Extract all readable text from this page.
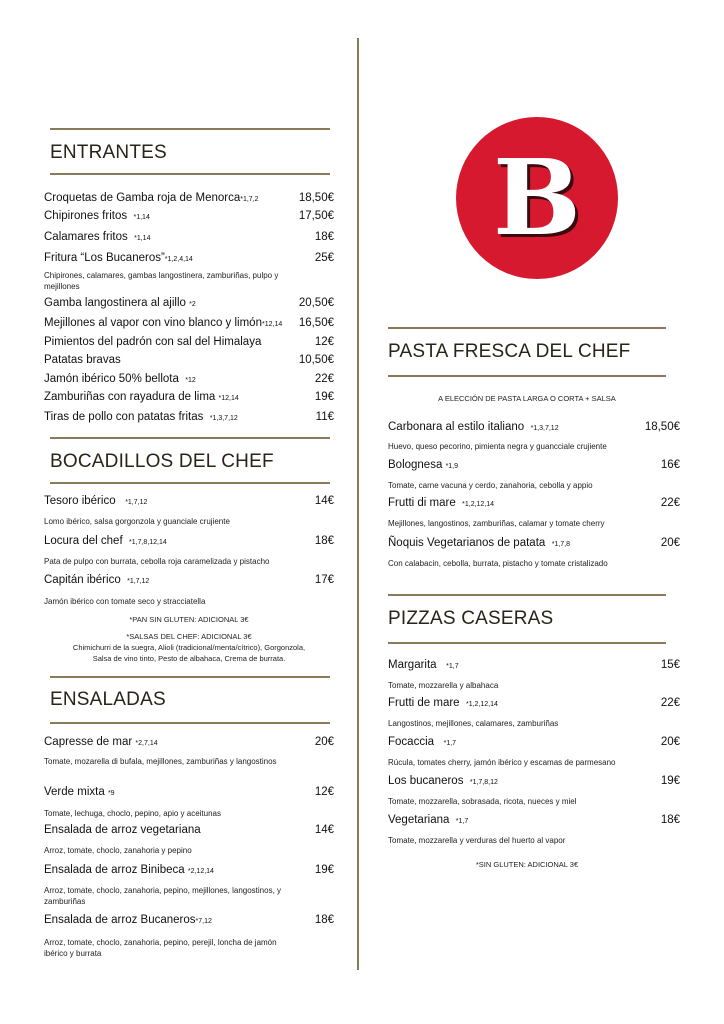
ENTRANTES
Croquetas de Gamba roja de Menorca*1,7,2	18,50€
Chipirones fritos *1,14	17,50€
Calamares fritos *1,14	18€
Fritura “Los Bucaneros”*1,2,4,14	25€
Chipirones, calamares, gambas langostinera, zamburiñas, pulpo y mejillones
Gamba langostinera al ajillo *2	20,50€
Mejillones al vapor con vino blanco y limón*12,14 16,50€
Pimientos del padrón con sal del Himalaya	12€
Patatas bravas	10,50€
Jamón ibérico 50% bellota *12	22€
Zamburiñas con rayadura de lima *12,14	19€
Tiras de pollo con patatas fritas *1,3,7,12	11€
BOCADILLOS DEL CHEF
Tesoro ibérico *1,7,12	14€
Lomo ibérico, salsa gorgonzola y guanciale crujiente
Locura del chef *1,7,8,12,14	18€
Pata de pulpo con burrata, cebolla roja caramelizada y pistacho
Capitán ibérico *1,7,12	17€
Jamón ibérico con tomate seco y stracciatella
*PAN SIN GLUTEN: ADICIONAL 3€
*SALSAS DEL CHEF: ADICIONAL 3€
Chimichurri de la suegra, Alioli (tradicional/menta/cítrico), Gorgonzola,
Salsa de vino tinto, Pesto de albahaca, Crema de burrata.
ENSALADAS
Capresse de mar *2,7,14	20€
Tomate, mozarella di bufala, mejillones, zamburiñas y langostinos
Verde mixta *9	12€
Tomate, lechuga, choclo, pepino, apio y aceitunas
Ensalada de arroz vegetariana	14€
Arroz, tomate, choclo, zanahoria y pepino
Ensalada de arroz Binibeca *2,12,14	19€
Arroz, tomate, choclo, zanahoria, pepino, mejillones, langostinos, y zamburiñas
Ensalada de arroz Bucaneros*7,12	18€
Arroz, tomate, choclo, zanahoria, pepino, perejil, loncha de jamón ibérico y burrata
B
PASTA FRESCA DEL CHEF
A ELECCIÓN DE PASTA LARGA O CORTA + SALSA
Carbonara al estilo italiano *1,3,7,12	18,50€
Huevo, queso pecorino, pimienta negra y guancciale crujiente
Bolognesa *1,9	16€
Tomate, carne vacuna y cerdo, zanahoria, cebolla y appio
Frutti di mare *1,2,12,14	22€
Mejillones, langostinos, zamburiñas, calamar y tomate cherry
Ñoquis Vegetarianos de patata *1,7,8	20€
Con calabacin, cebolla, burrata, pistacho y tomate cristalizado
PIZZAS CASERAS
Margarita *1,7	15€
Tomate, mozzarella y albahaca
Frutti de mare *1,2,12,14	22€
Langostinos, mejillones, calamares, zamburiñas
Focaccia *1,7	20€
Rúcula, tomates cherry, jamón ibérico y escamas de parmesano
Los bucaneros *1,7,8,12	19€
Tomate, mozzarella, sobrasada, ricota, nueces y miel
Vegetariana *1,7	18€
Tomate, mozzarella y verduras del huerto al vapor
*SIN GLUTEN: ADICIONAL 3€
